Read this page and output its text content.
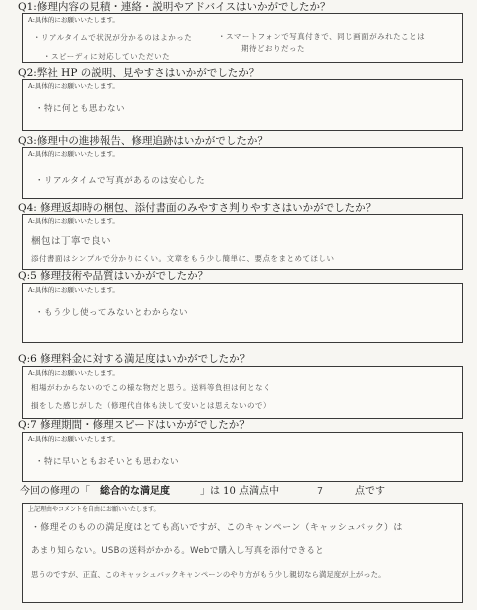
Q1:修理内容の見積・連絡・説明やアドバイスはいかがでしたか？
A:具体的にお願いいたします。
・リアルタイムで状況が分かるのはよかった	・スマートフォンで写真付きで、同じ画面がみれたことは
・スピーディに対応していただいた
期待どおりだった
Q2:弊社 HP の説明、見やすさはいかがでしたか？
A:具体的にお願いいたします。
・特に何とも思わない
Q3:修理中の進捗報告、修理追跡はいかがでしたか？
A:具体的にお願いいたします。
・リアルタイムで写真があるのは安心した
Q4: 修理返却時の梱包、添付書面のみやすさ判りやすさはいかがでしたか？
A:具体的にお願いいたします。
梱包は丁寧で良い
添付書面はシンプルで分かりにくい。文章をもう少し簡単に、要点をまとめてほしい
Q:5 修理技術や品質はいかがでしたか？
A:具体的にお願いいたします。
・もう少し使ってみないとわからない
Q:6 修理料金に対する満足度はいかがでしたか？
A:具体的にお願いいたします。
相場がわからないのでこの様な物だと思う。送料等負担は何となく
損をした感じがした（修理代自体も決して安いとは思えないので）
Q:7 修理期間・修理スピードはいかがでしたか？
A:具体的にお願いいたします。
・特に早いともおそいとも思わない
今回の修理の「 総合的な満足度	」は 10 点満点中	7	点です
上記理由やコメントを自由にお願いいたします。
・修理そのものの満足度はとても高いですが、このキャンペーン（キャッシュバック）は
あまり知らない。USBの送料がかかる。Webで購入し写真を添付できると
思うのですが、正直、このキャッシュバックキャンペーンのやり方がもう少し親切なら満足度が上がった。
